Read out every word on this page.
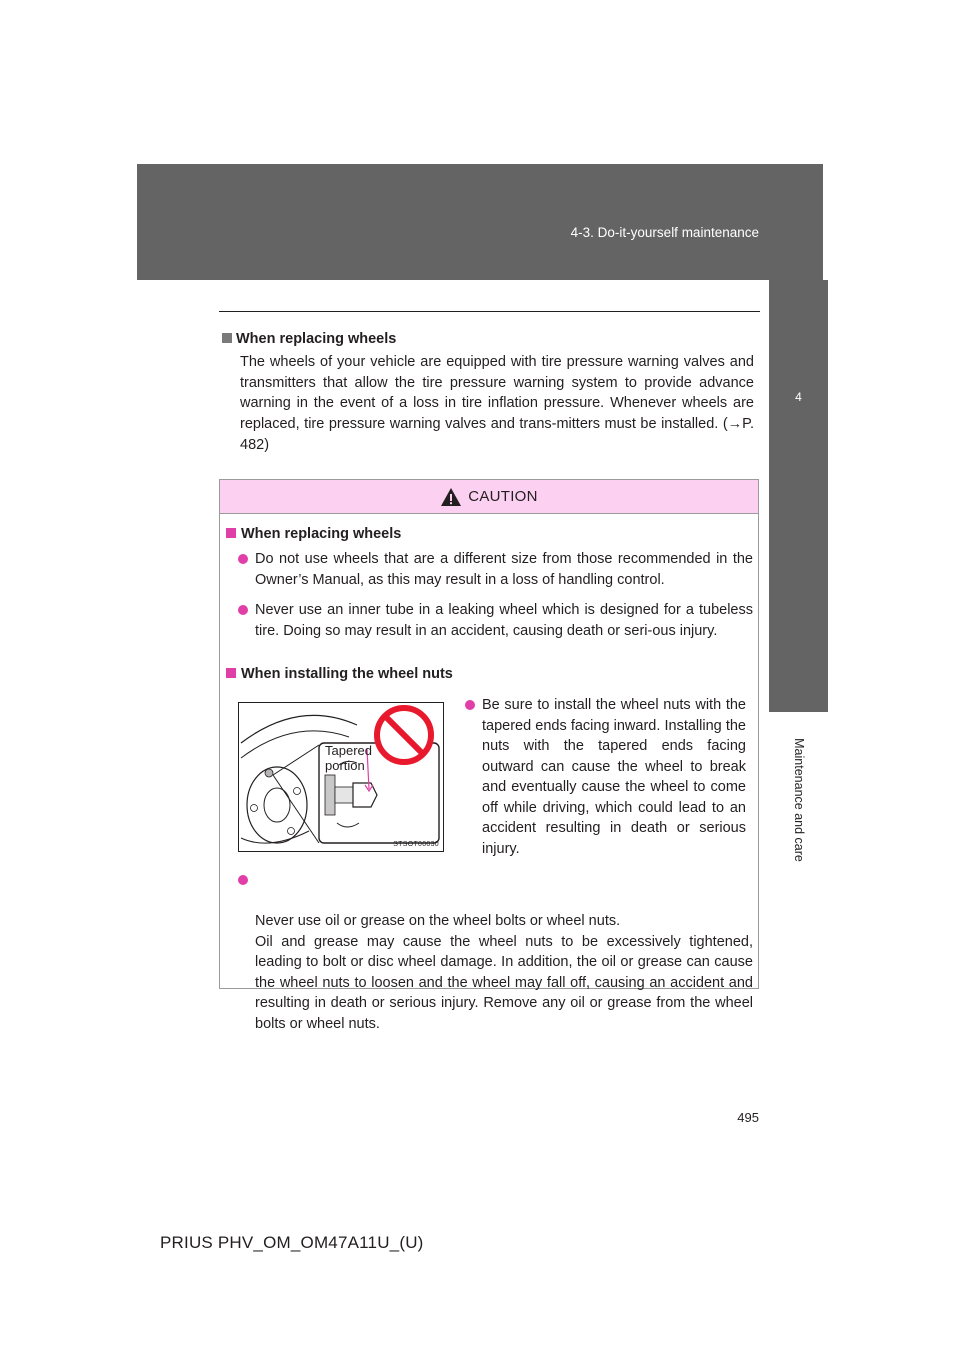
4-3. Do-it-yourself maintenance
4
Maintenance and care

When replacing wheels

The wheels of your vehicle are equipped with tire pressure warning valves and transmitters that allow the tire pressure warning system to provide advance warning in the event of a loss in tire inflation pressure. Whenever wheels are replaced, tire pressure warning valves and trans-mitters must be installed. (→P. 482)

CAUTION
When replacing wheels
Do not use wheels that are a different size from those recommended in the Owner’s Manual, as this may result in a loss of handling control.
Never use an inner tube in a leaking wheel which is designed for a tubeless tire. Doing so may result in an accident, causing death or seri-ous injury.
When installing the wheel nuts
Tapered
portion
STSOT00030
Be sure to install the wheel nuts with the tapered ends facing inward. Installing the nuts with the tapered ends facing outward can cause the wheel to break and eventually cause the wheel to come off while driving, which could lead to an accident resulting in death or serious injury.

Never use oil or grease on the wheel bolts or wheel nuts.
Oil and grease may cause the wheel nuts to be excessively tightened, leading to bolt or disc wheel damage. In addition, the oil or grease can cause the wheel nuts to loosen and the wheel may fall off, causing an accident and resulting in death or serious injury. Remove any oil or grease from the wheel bolts or wheel nuts.

495
PRIUS PHV_OM_OM47A11U_(U)
